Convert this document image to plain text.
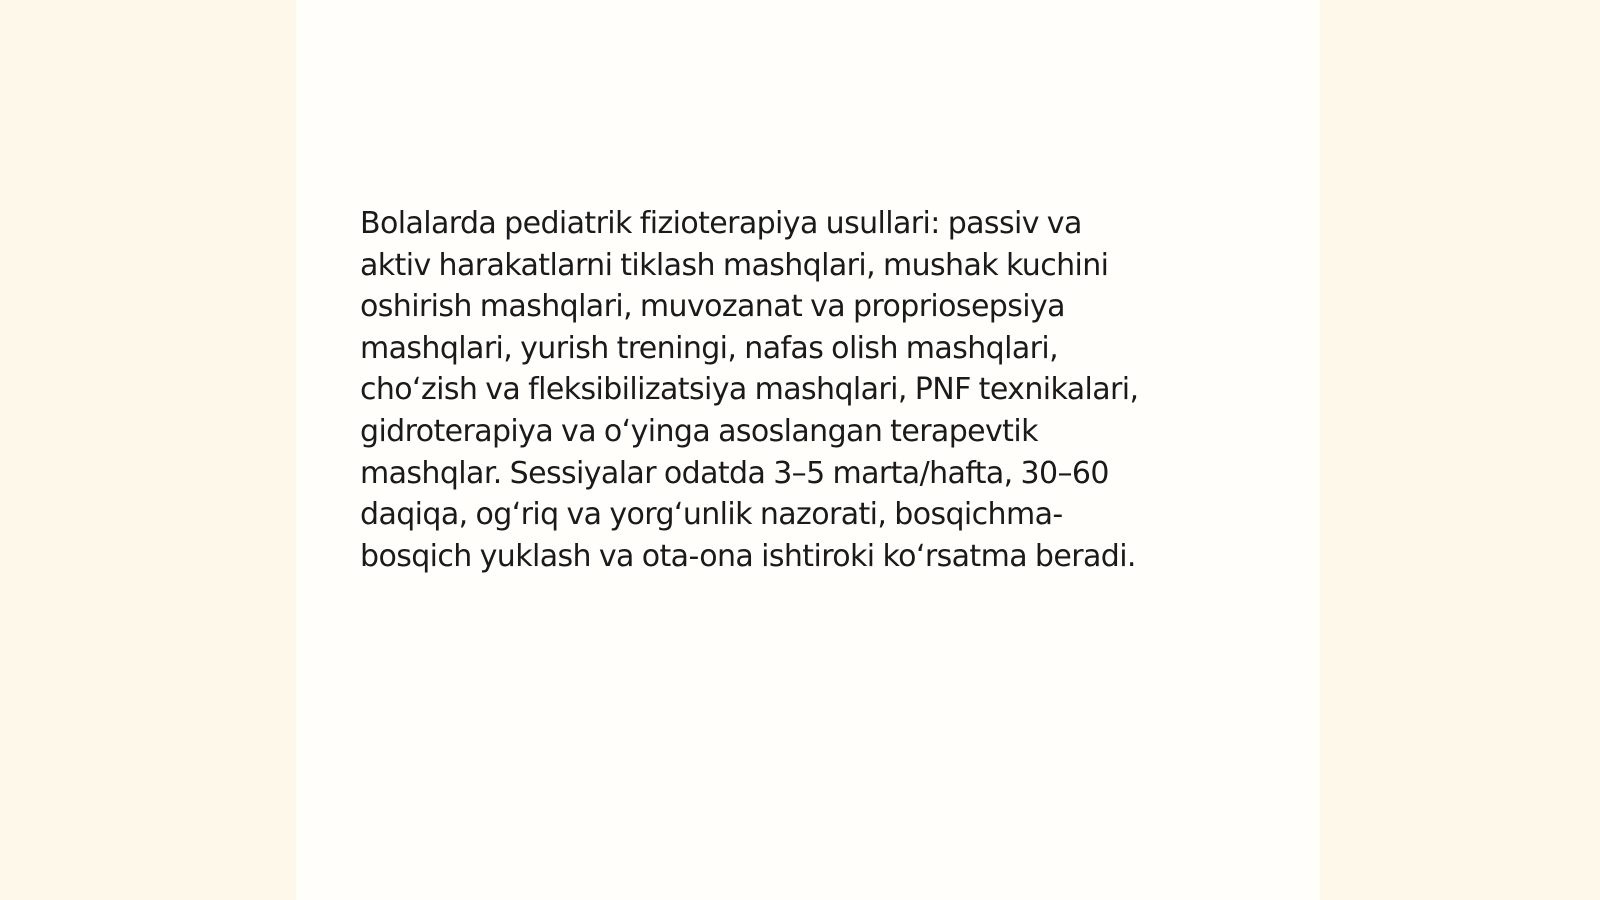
Bolalarda pediatrik fizioterapiya usullari: passiv va
aktiv harakatlarni tiklash mashqlari, mushak kuchini
oshirish mashqlari, muvozanat va propriosepsiya
mashqlari, yurish treningi, nafas olish mashqlari,
cho‘zish va fleksibilizatsiya mashqlari, PNF texnikalari,
gidroterapiya va o‘yinga asoslangan terapevtik
mashqlar. Sessiyalar odatda 3–5 marta/hafta, 30–60
daqiqa, og‘riq va yorg‘unlik nazorati, bosqichma-
bosqich yuklash va ota-ona ishtiroki ko‘rsatma beradi.
